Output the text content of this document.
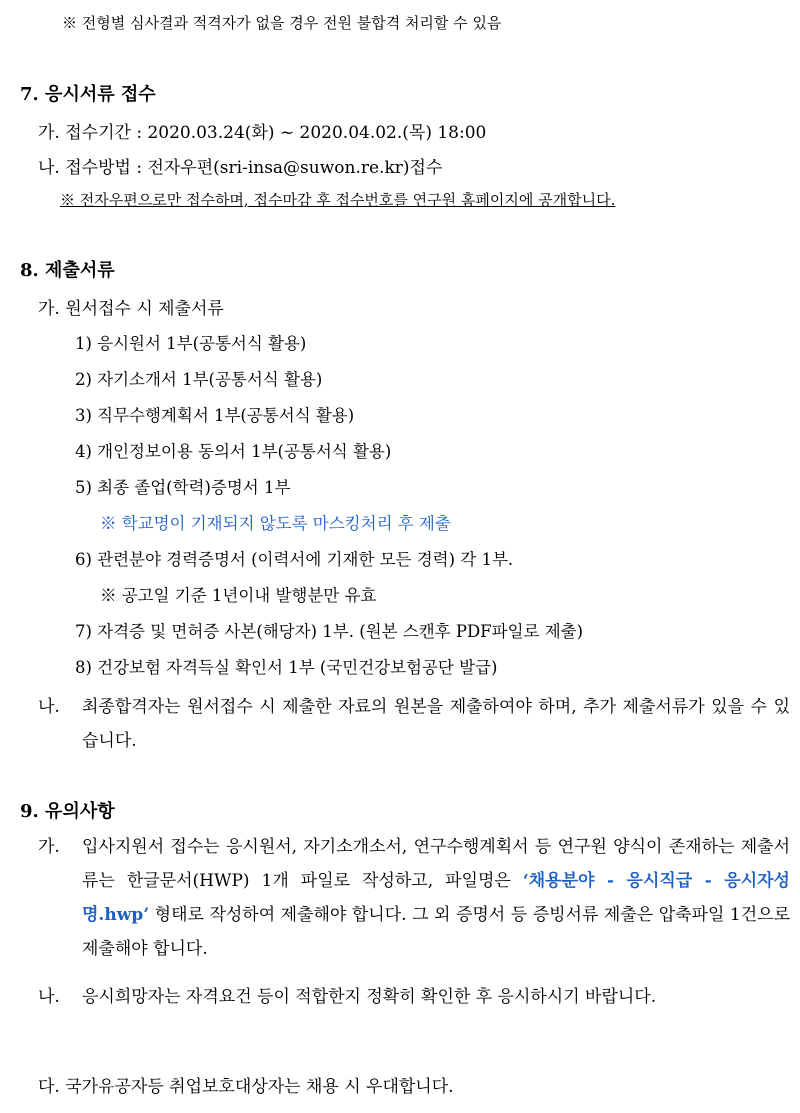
※ 전형별 심사결과 적격자가 없을 경우 전원 불합격 처리할 수 있음
7. 응시서류 접수
가. 접수기간 : 2020.03.24(화) ~ 2020.04.02.(목) 18:00
나. 접수방법 : 전자우편(sri-insa@suwon.re.kr)접수
※ 전자우편으로만 접수하며, 접수마감 후 접수번호를 연구원 홈페이지에 공개합니다.
8. 제출서류
가. 원서접수 시 제출서류
1) 응시원서 1부(공통서식 활용)
2) 자기소개서 1부(공통서식 활용)
3) 직무수행계획서 1부(공통서식 활용)
4) 개인정보이용 동의서 1부(공통서식 활용)
5) 최종 졸업(학력)증명서 1부
※ 학교명이 기재되지 않도록 마스킹처리 후 제출
6) 관련분야 경력증명서 (이력서에 기재한 모든 경력) 각 1부.
※ 공고일 기준 1년이내 발행분만 유효
7) 자격증 및 면허증 사본(해당자) 1부. (원본 스캔후 PDF파일로 제출)
8) 건강보험 자격득실 확인서 1부 (국민건강보험공단 발급)
나. 최종합격자는 원서접수 시 제출한 자료의 원본을 제출하여야 하며, 추가 제출서류가 있을 수 있습니다.
9. 유의사항
가. 입사지원서 접수는 응시원서, 자기소개소서, 연구수행계획서 등 연구원 양식이 존재하는 제출서류는 한글문서(HWP) 1개 파일로 작성하고, 파일명은 ‘채용분야 - 응시직급 - 응시자성명.hwp’ 형태로 작성하여 제출해야 합니다. 그 외 증명서 등 증빙서류 제출은 압축파일 1건으로 제출해야 합니다.
나. 응시희망자는 자격요건 등이 적합한지 정확히 확인한 후 응시하시기 바랍니다.
다. 국가유공자등 취업보호대상자는 채용 시 우대합니다.
